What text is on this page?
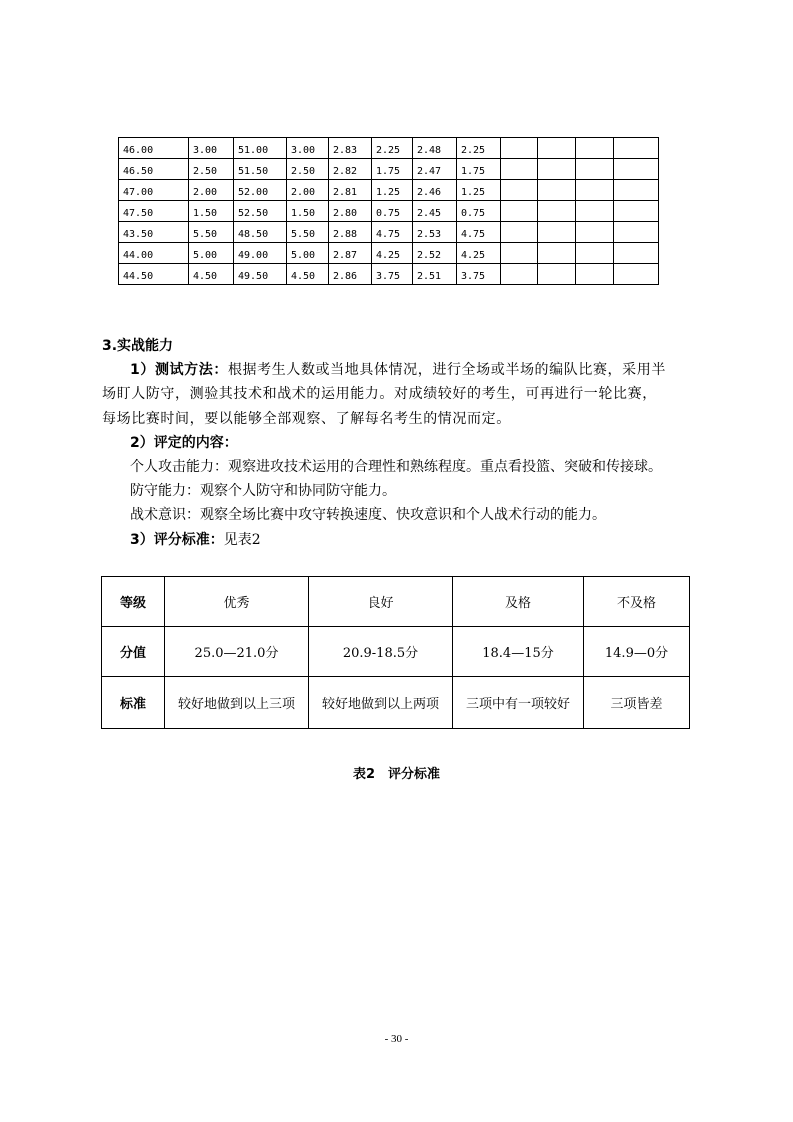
46.00	3.00	51.00	3.00	2.83	2.25	2.48	2.25				
46.50	2.50	51.50	2.50	2.82	1.75	2.47	1.75				
47.00	2.00	52.00	2.00	2.81	1.25	2.46	1.25				
47.50	1.50	52.50	1.50	2.80	0.75	2.45	0.75				
43.50	5.50	48.50	5.50	2.88	4.75	2.53	4.75				
44.00	5.00	49.00	5.00	2.87	4.25	2.52	4.25				
44.50	4.50	49.50	4.50	2.86	3.75	2.51	3.75				

3.实战能力

1）测试方法：根据考生人数或当地具体情况，进行全场或半场的编队比赛，采用半

场盯人防守，测验其技术和战术的运用能力。对成绩较好的考生，可再进行一轮比赛，

每场比赛时间，要以能够全部观察、了解每名考生的情况而定。

2）评定的内容：

个人攻击能力：观察进攻技术运用的合理性和熟练程度。重点看投篮、突破和传接球。

防守能力：观察个人防守和协同防守能力。

战术意识：观察全场比赛中攻守转换速度、快攻意识和个人战术行动的能力。

3）评分标准：见表2

等级	优秀	良好	及格	不及格
分值	25.0—21.0分	20.9-18.5分	18.4—15分	14.9—0分
标准	较好地做到以上三项	较好地做到以上两项	三项中有一项较好	三项皆差
表2　评分标准
- 30 -
